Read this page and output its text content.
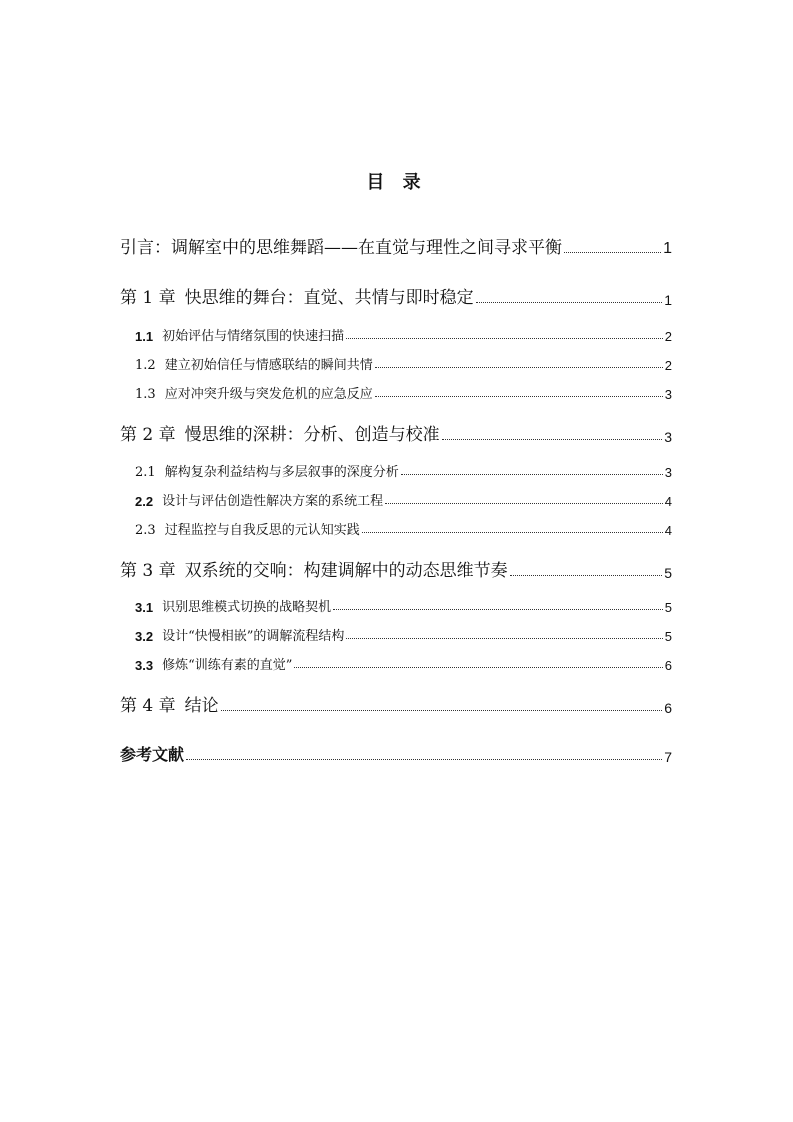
目 录
引言：调解室中的思维舞蹈——在直觉与理性之间寻求平衡	1
第 1 章 快思维的舞台：直觉、共情与即时稳定	1
1.1 初始评估与情绪氛围的快速扫描	2
1.2 建立初始信任与情感联结的瞬间共情	2
1.3 应对冲突升级与突发危机的应急反应	3
第 2 章 慢思维的深耕：分析、创造与校准	3
2.1 解构复杂利益结构与多层叙事的深度分析	3
2.2 设计与评估创造性解决方案的系统工程	4
2.3 过程监控与自我反思的元认知实践	4
第 3 章 双系统的交响：构建调解中的动态思维节奏	5
3.1 识别思维模式切换的战略契机	5
3.2 设计“快慢相嵌”的调解流程结构	5
3.3 修炼“训练有素的直觉”	6
第 4 章 结论	6
参考文献	7
